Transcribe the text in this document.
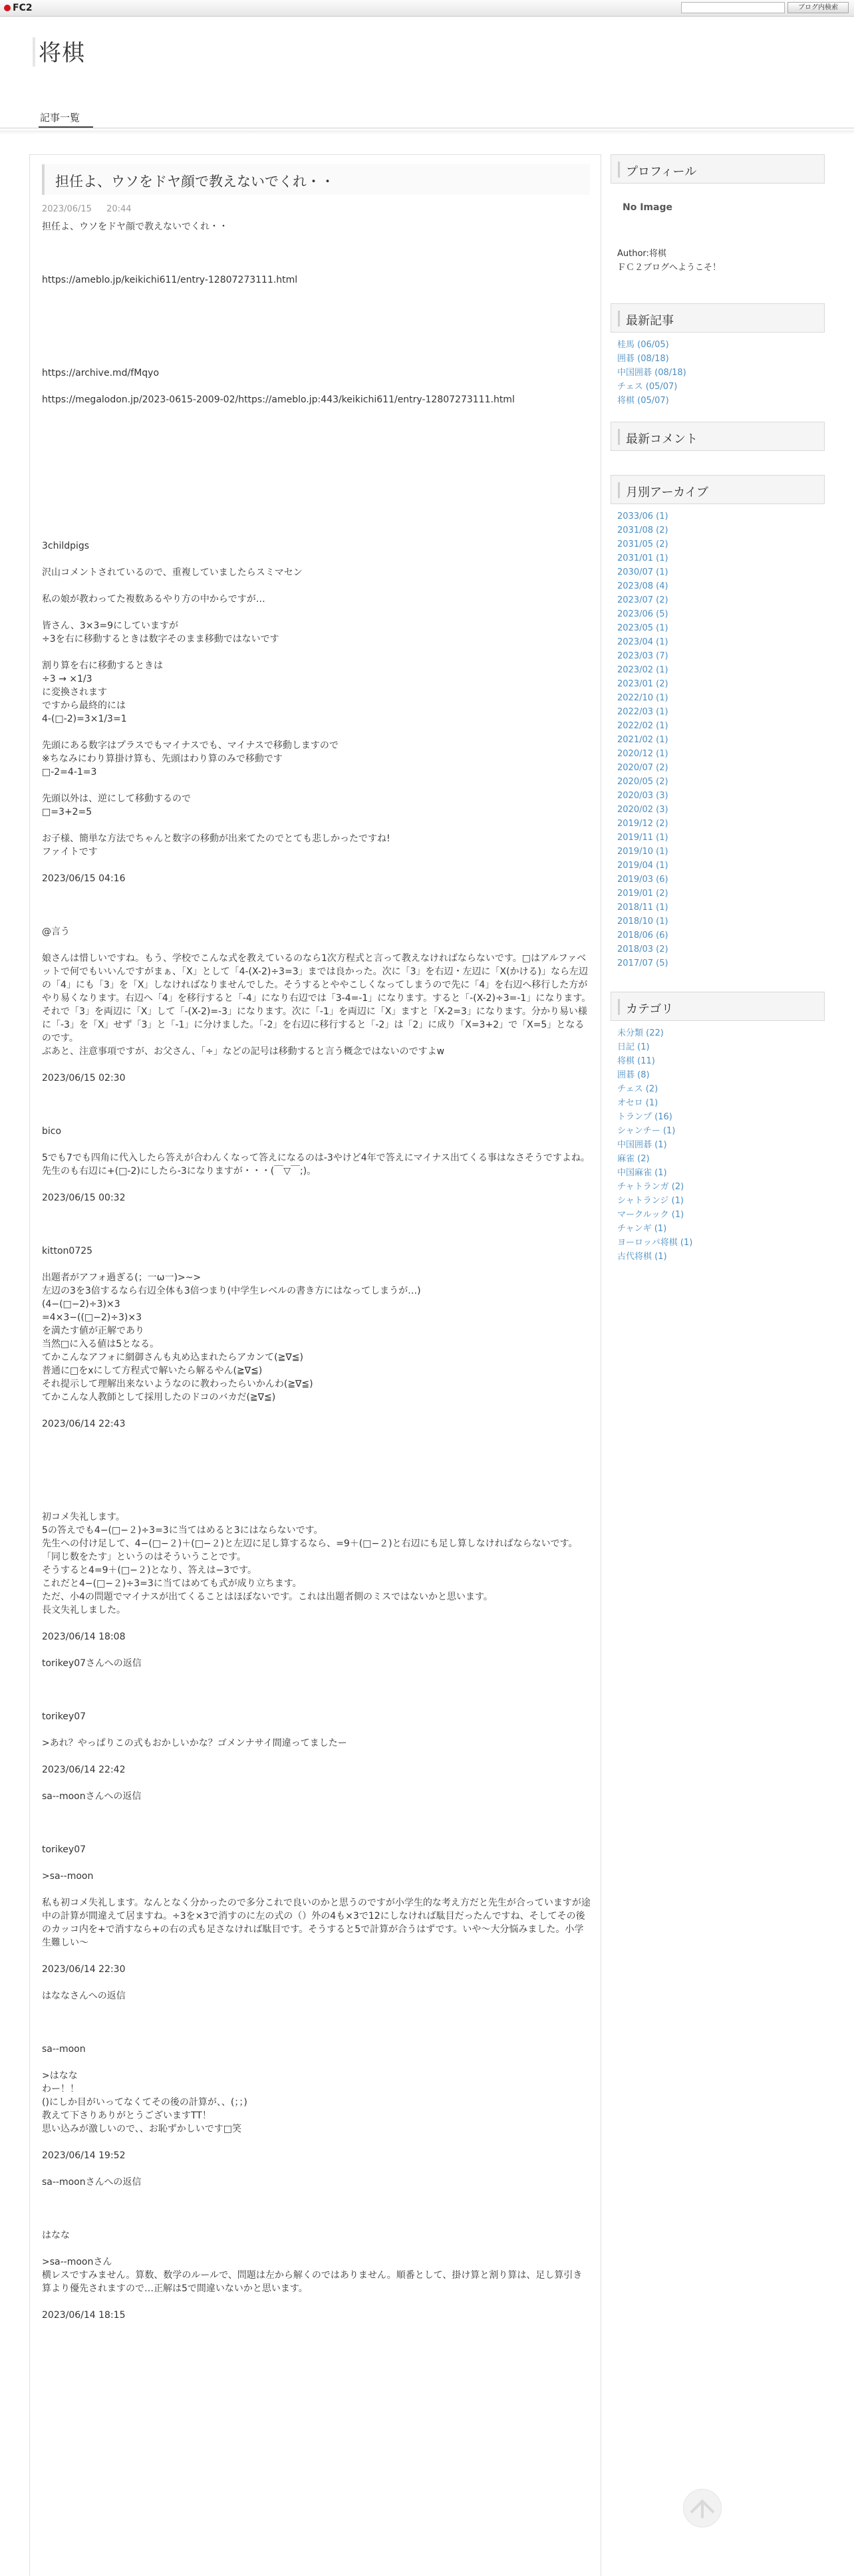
FC2	ブログ内検索
将棋
記事一覧
担任よ、ウソをドヤ顔で教えないでくれ・・
2023/06/15 20:44

担任よ、ウソをドヤ顔で教えないでくれ・・

https://ameblo.jp/keikichi611/entry-12807273111.html

https://archive.md/fMqyo

https://megalodon.jp/2023-0615-2009-02/https://ameblo.jp:443/keikichi611/entry-12807273111.html

3childpigs

沢山コメントされているので、重複していましたらスミマセン

私の娘が教わってた複数あるやり方の中からですが…

皆さん、3×3=9にしていますが

÷3を右に移動するときは数字そのまま移動ではないです

割り算を右に移動するときは

÷3 → ×1/3

に変換されます

ですから最終的には

4-(□-2)=3×1/3=1

先頭にある数字はプラスでもマイナスでも、マイナスで移動しますので

※ちなみにわり算掛け算も、先頭はわり算のみで移動です

□-2=4-1=3

先頭以外は、逆にして移動するので

□=3+2=5

お子様、簡単な方法でちゃんと数字の移動が出来てたのでとても悲しかったですね!

ファイトです

2023/06/15 04:16

@言う

娘さんは惜しいですね。もう、学校でこんな式を教えているのなら1次方程式と言って教えなければならないです。□はアルファベットで何でもいいんですがまぁ、「X」として「4-(X-2)÷3=3」までは良かった。次に「3」を右辺・左辺に「X(かける)」なら左辺の「4」にも「3」を「X」しなければなりませんでした。そうするとややこしくなってしまうので先に「4」を右辺へ移行した方がやり易くなります。右辺へ「4」を移行すると「-4」になり右辺では「3-4=-1」になります。すると「-(X-2)÷3=-1」になります。それで「3」を両辺に「X」して「-(X-2)=-3」になります。次に「-1」を両辺に「X」ますと「X-2=3」になります。分かり易い様に「-3」を「X」せず「3」と「-1」に分けました。「-2」を右辺に移行すると「-2」は「2」に成り「X=3+2」で「X=5」となるのです。

ぶあと、注意事項ですが、お父さん、「÷」などの記号は移動すると言う概念ではないのですよw

2023/06/15 02:30

bico

5でも7でも四角に代入したら答えが合わんくなって答えになるのは-3やけど4年で答えにマイナス出てくる事はなさそうですよね。

先生のも右辺に+(□-2)にしたら-3になりますが・・・(￣▽￣;)。

2023/06/15 00:32

kitton0725

出題者がアフォ過ぎる(；一ω一)>~>

左辺の3を3倍するなら右辺全体も3倍つまり(中学生レベルの書き方にはなってしまうが…)

(4−(□−2)÷3)×3

=4×3−((□−2)÷3)×3

を満たす値が正解であり

当然□に入る値は5となる。

てかこんなアフォに網御さんも丸め込まれたらアカンて(≧∇≦)

普通に□をxにして方程式で解いたら解るやん(≧∇≦)

それ提示して理解出来ないようなのに教わったらいかんわ(≧∇≦)

てかこんな人教師として採用したのドコのバカだ(≧∇≦)

2023/06/14 22:43

初コメ失礼します。

5の答えでも4−(□−２)÷3=3に当てはめると3にはならないです。

先生への付け足して、4−(□−２)＋(□−２)と左辺に足し算するなら、=9＋(□−２)と右辺にも足し算しなければならないです。「同じ数をたす」というのはそういうことです。

そうすると4=9＋(□−２)となり、答えは−3です。

これだと4−(□−２)÷3=3に当てはめても式が成り立ちます。

ただ、小4の問題でマイナスが出てくることはほぼないです。これは出題者側のミスではないかと思います。

長文失礼しました。

2023/06/14 18:08

torikey07さんへの返信

torikey07

>あれ？やっぱりこの式もおかしいかな？ゴメンナサイ間違ってましたー

2023/06/14 22:42

sa--moonさんへの返信

torikey07

>sa--moon

私も初コメ失礼します。なんとなく分かったので多分これで良いのかと思うのですが小学生的な考え方だと先生が合っていますが途中の計算が間違えて居ますね。÷3を×3で消すのに左の式の（）外の4も×3で12にしなければ駄目だったんですね、そしてその後のカッコ内を+で消すなら+の右の式も足さなければ駄目です。そうすると5で計算が合うはずです。いや～大分悩みました。小学生難しい～

2023/06/14 22:30

はななさんへの返信

sa--moon

>はなな

わー！！

()にしか目がいってなくてその後の計算が、、(；；)

教えて下さりありがとうございますTT！

思い込みが激しいので、、お恥ずかしいです□笑

2023/06/14 19:52

sa--moonさんへの返信

はなな

>sa--moonさん

横レスですみません。算数、数学のルールで、問題は左から解くのではありません。順番として、掛け算と割り算は、足し算引き算より優先されますので…正解は5で間違いないかと思います。

2023/06/14 18:15

プロフィール
No Image
Author:将棋
ＦＣ２ブログへようこそ！
最新記事
桂馬 (06/05)
囲碁 (08/18)
中国囲碁 (08/18)
チェス (05/07)
将棋 (05/07)
最新コメント
月別アーカイブ
2033/06 (1)
2031/08 (2)
2031/05 (2)
2031/01 (1)
2030/07 (1)
2023/08 (4)
2023/07 (2)
2023/06 (5)
2023/05 (1)
2023/04 (1)
2023/03 (7)
2023/02 (1)
2023/01 (2)
2022/10 (1)
2022/03 (1)
2022/02 (1)
2021/02 (1)
2020/12 (1)
2020/07 (2)
2020/05 (2)
2020/03 (3)
2020/02 (3)
2019/12 (2)
2019/11 (1)
2019/10 (1)
2019/04 (1)
2019/03 (6)
2019/01 (2)
2018/11 (1)
2018/10 (1)
2018/06 (6)
2018/03 (2)
2017/07 (5)
カテゴリ
未分類 (22)
日記 (1)
将棋 (11)
囲碁 (8)
チェス (2)
オセロ (1)
トランプ (16)
シャンチー (1)
中国囲碁 (1)
麻雀 (2)
中国麻雀 (1)
チャトランガ (2)
シャトランジ (1)
マークルック (1)
チャンギ (1)
ヨーロッパ将棋 (1)
古代将棋 (1)
